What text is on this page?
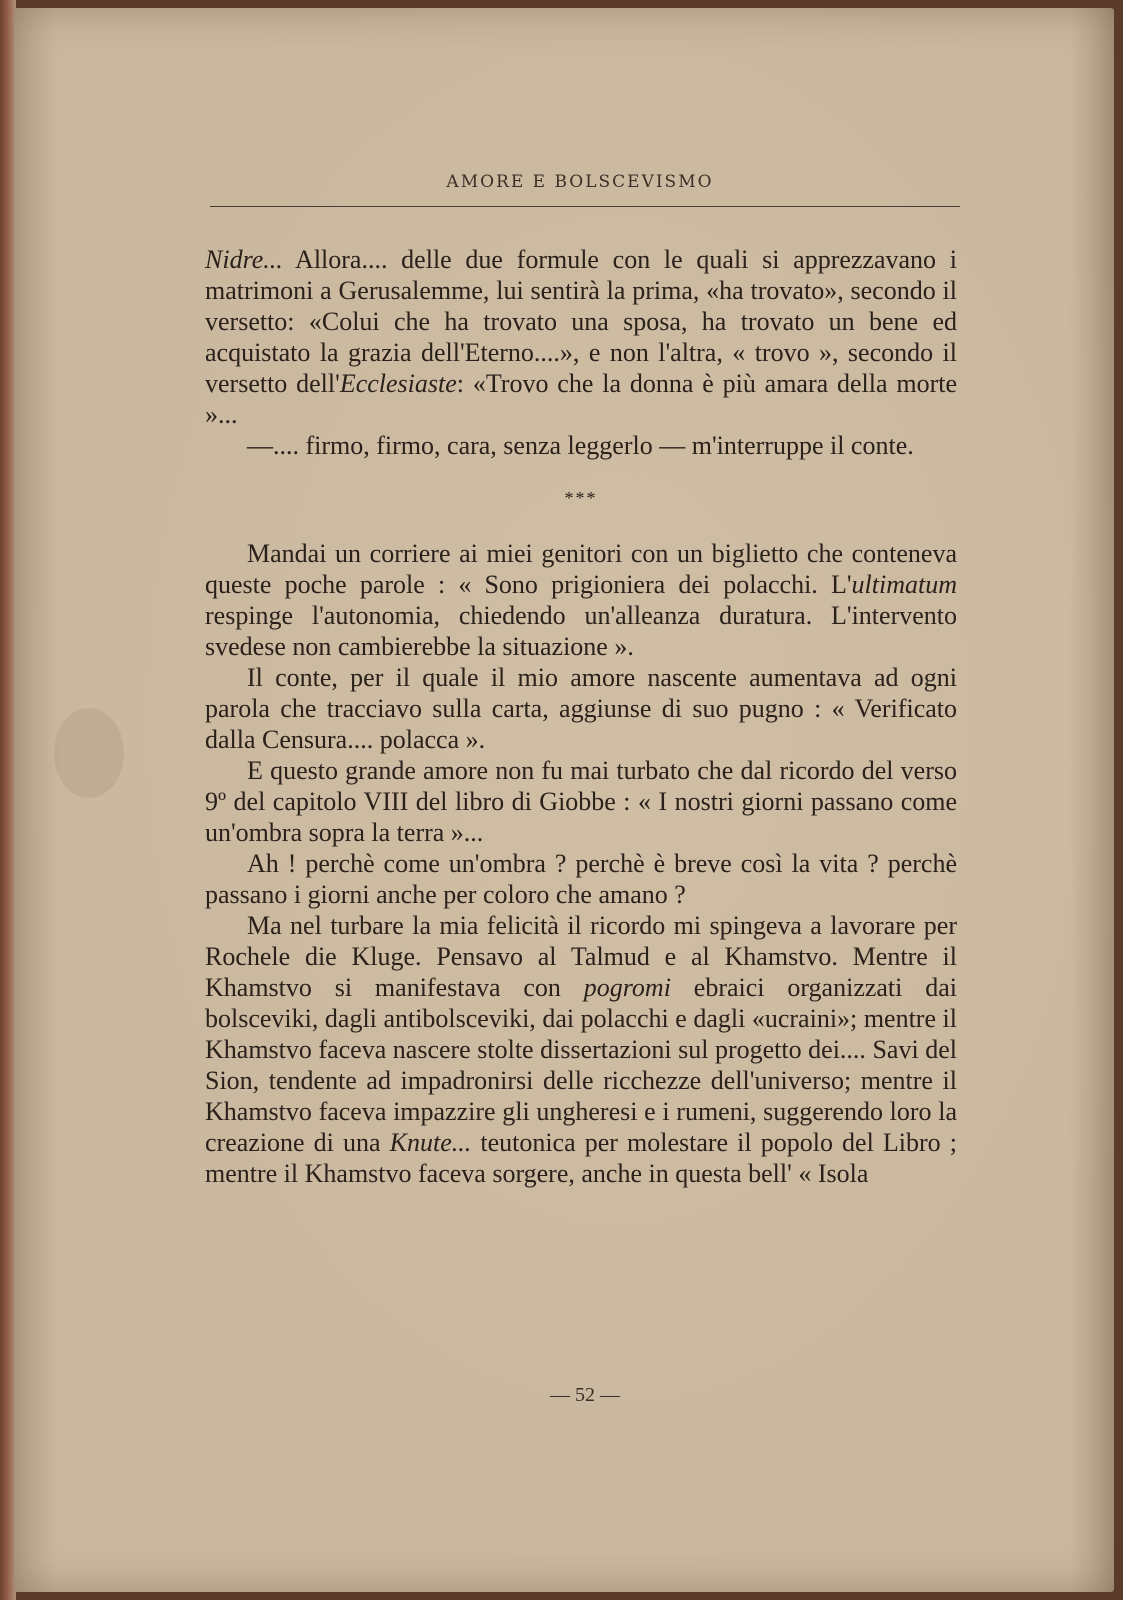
AMORE E BOLSCEVISMO

Nidre... Allora.... delle due formule con le quali si apprezzavano i matrimoni a Gerusalemme, lui sentirà la prima, «ha trovato», secondo il versetto: «Colui che ha trovato una sposa, ha trovato un bene ed acquistato la grazia dell'Eterno....», e non l'altra, « trovo », secondo il versetto dell'Ecclesiaste: «Trovo che la donna è più amara della morte »...

—.... firmo, firmo, cara, senza leggerlo — m'interruppe il conte.

***

Mandai un corriere ai miei genitori con un biglietto che conteneva queste poche parole : « Sono prigioniera dei polacchi. L'ultimatum respinge l'autonomia, chiedendo un'alleanza duratura. L'intervento svedese non cambierebbe la situazione ».

Il conte, per il quale il mio amore nascente aumentava ad ogni parola che tracciavo sulla carta, aggiunse di suo pugno : « Verificato dalla Censura.... polacca ».

E questo grande amore non fu mai turbato che dal ricordo del verso 9º del capitolo VIII del libro di Giobbe : « I nostri giorni passano come un'ombra sopra la terra »...

Ah ! perchè come un'ombra ? perchè è breve così la vita ? perchè passano i giorni anche per coloro che amano ?

Ma nel turbare la mia felicità il ricordo mi spingeva a lavorare per Rochele die Kluge. Pensavo al Talmud e al Khamstvo. Mentre il Khamstvo si manifestava con pogromi ebraici organizzati dai bolsceviki, dagli antibolsceviki, dai polacchi e dagli «ucraini»; mentre il Khamstvo faceva nascere stolte dissertazioni sul progetto dei.... Savi del Sion, tendente ad impadronirsi delle ricchezze dell'universo; mentre il Khamstvo faceva impazzire gli ungheresi e i rumeni, suggerendo loro la creazione di una Knute... teutonica per molestare il popolo del Libro ; mentre il Khamstvo faceva sorgere, anche in questa bell' « Isola

— 52 —
